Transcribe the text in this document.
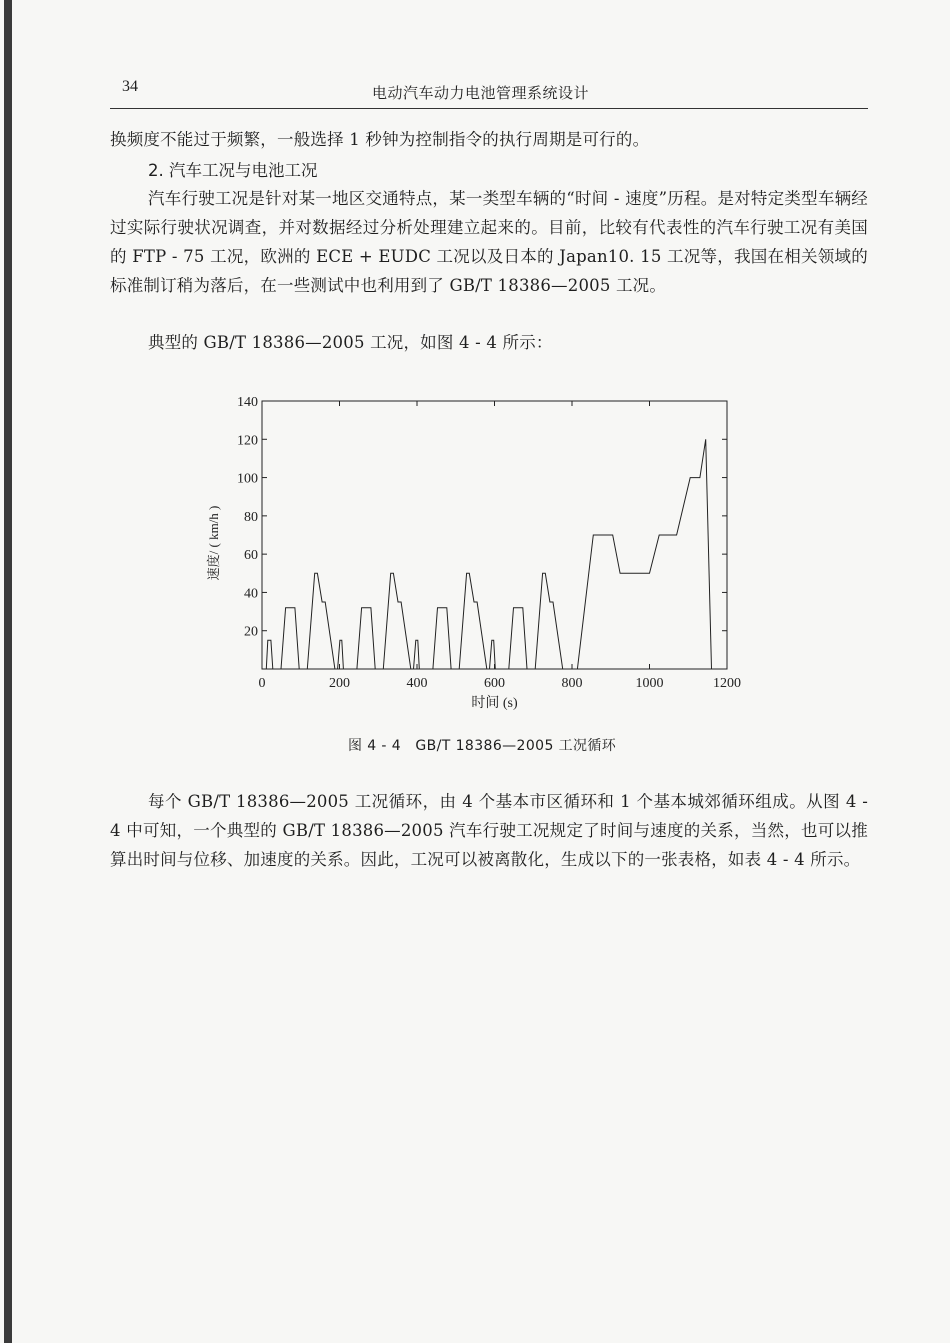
34	电动汽车动力电池管理系统设计

换频度不能过于频繁，一般选择 1 秒钟为控制指令的执行周期是可行的。

2. 汽车工况与电池工况

汽车行驶工况是针对某一地区交通特点，某一类型车辆的“时间 - 速度”历程。是对特定类型车辆经过实际行驶状况调查，并对数据经过分析处理建立起来的。目前，比较有代表性的汽车行驶工况有美国的 FTP - 75 工况，欧洲的 ECE + EUDC 工况以及日本的 Japan10. 15 工况等，我国在相关领域的标准制订稍为落后，在一些测试中也利用到了 GB/T 18386—2005 工况。

典型的 GB/T 18386—2005 工况，如图 4 - 4 所示：

0	200	400	600	800	1000	1200
20
40
60
80
100
120
140
时间 (s)
速度/ ( km/h )
图 4 - 4　GB/T 18386—2005 工况循环

每个 GB/T 18386—2005 工况循环，由 4 个基本市区循环和 1 个基本城郊循环组成。从图 4 - 4 中可知，一个典型的 GB/T 18386—2005 汽车行驶工况规定了时间与速度的关系，当然，也可以推算出时间与位移、加速度的关系。因此，工况可以被离散化，生成以下的一张表格，如表 4 - 4 所示。
